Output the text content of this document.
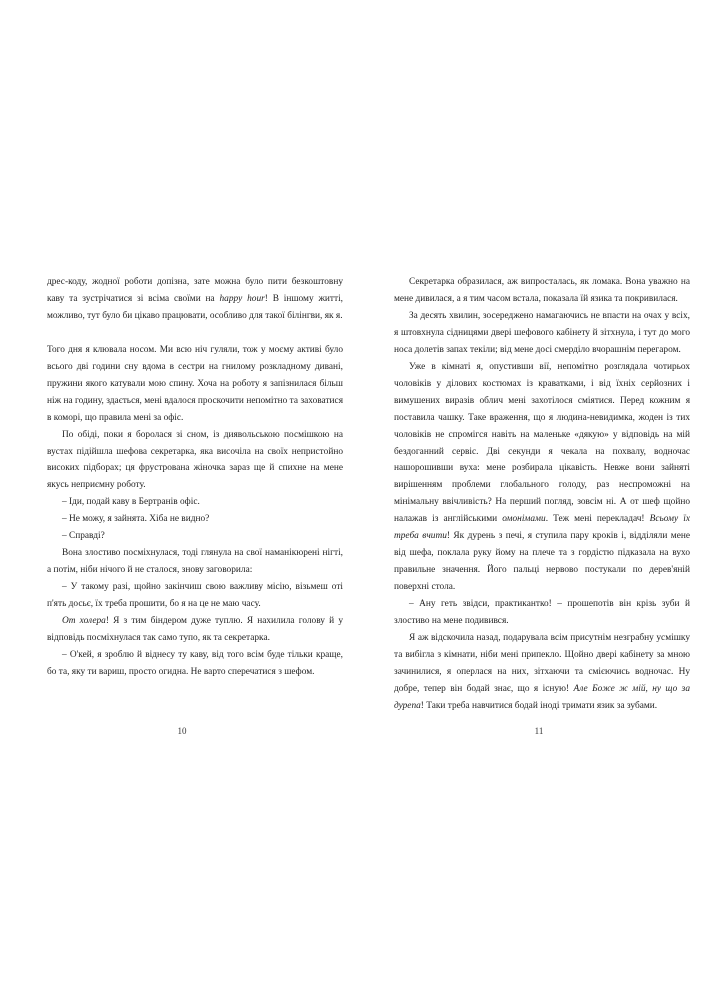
дрес-коду, жодної роботи допізна, зате можна було пити безкоштовну каву та зустрічатися зі всіма своїми на happy hour! В іншому житті, можливо, тут було би цікаво працювати, особливо для такої білінгви, як я.

Того дня я клювала носом. Ми всю ніч гуляли, тож у моєму активі було всього дві години сну вдома в сестри на гнилому розкладному дивані, пружини якого катували мою спину. Хоча на роботу я запізнилася більш ніж на годину, здається, мені вдалося проскочити непомітно та заховатися в коморі, що правила мені за офіс.

По обіді, поки я боролася зі сном, із диявольською посмішкою на вустах підійшла шефова секретарка, яка височіла на своїх непристойно високих підборах; ця фрустрована жіночка зараз ще й спихне на мене якусь неприємну роботу.

– Іди, подай каву в Бертранів офіс.

– Не можу, я зайнята. Хіба не видно?

– Справді?

Вона злостиво посміхнулася, тоді глянула на свої наманікюрені нігті, а потім, ніби нічого й не сталося, знову заговорила:

– У такому разі, щойно закінчиш свою важливу місію, візьмеш оті п'ять досьє, їх треба прошити, бо я на це не маю часу.

От холера! Я з тим біндером дуже туплю. Я нахилила голову й у відповідь посміхнулася так само тупо, як та секретарка.

– О'кей, я зроблю й віднесу ту каву, від того всім буде тільки краще, бо та, яку ти вариш, просто огидна. Не варто сперечатися з шефом.

10

Секретарка образилася, аж випросталась, як ломака. Вона уважно на мене дивилася, а я тим часом встала, показала їй язика та покривилася.

За десять хвилин, зосереджено намагаючись не впасти на очах у всіх, я штовхнула сідницями двері шефового кабінету й зітхнула, і тут до мого носа долетів запах текіли; від мене досі смерділо вчорашнім перегаром.

Уже в кімнаті я, опустивши вії, непомітно розглядала чотирьох чоловіків у ділових костюмах із краватками, і від їхніх серйозних і вимушених виразів облич мені захотілося сміятися. Перед кожним я поставила чашку. Таке враження, що я людина-невидимка, жоден із тих чоловіків не спромігся навіть на маленьке «дякую» у відповідь на мій бездоганний сервіс. Дві секунди я чекала на похвалу, водночас нашорошивши вуха: мене розбирала цікавість. Невже вони зайняті вирішенням проблеми глобального голоду, раз неспроможні на мінімальну ввічливість? На перший погляд, зовсім ні. А от шеф щойно налажав із англійськими омонімами. Теж мені перекладач! Всьому їх треба вчити! Як дурень з печі, я ступила пару кроків і, відділяли мене від шефа, поклала руку йому на плече та з гордістю підказала на вухо правильне значення. Його пальці нервово постукали по дерев'яній поверхні стола.

– Ану геть звідси, практикантко! – прошепотів він крізь зуби й злостиво на мене подивився.

Я аж відскочила назад, подарувала всім присутнім незграбну усмішку та вибігла з кімнати, ніби мені припекло. Щойно двері кабінету за мною зачинилися, я оперлася на них, зітхаючи та смієючись водночас. Ну добре, тепер він бодай знає, що я існую! Але Боже ж мій, ну що за дурепа! Таки треба навчитися бодай іноді тримати язик за зубами.

11
